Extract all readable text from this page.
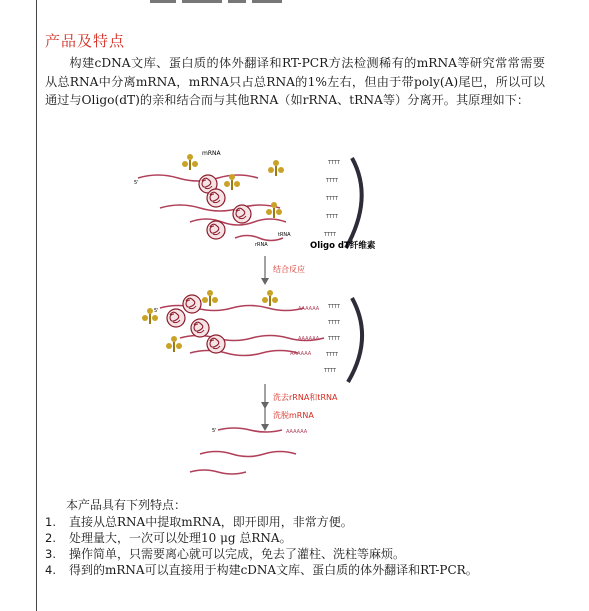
产品及特点

构建cDNA文库、蛋白质的体外翻译和RT-PCR方法检测稀有的mRNA等研究常常需要从总RNA中分离mRNA，mRNA只占总RNA的1%左右，但由于带poly(A)尾巴，所以可以通过与Oligo(dT)的亲和结合而与其他RNA（如rRNA、tRNA等）分离开。其原理如下：

mRNA
tRNA
rRNA
5'
TTTT
TTTT
TTTT
TTTT
TTTT
Oligo dT纤维素
结合反应
5'	AAAAAA
AAAAAA
AAAAAA
TTTT
TTTT
TTTT
TTTT
TTTT
洗去rRNA和tRNA
洗脱mRNA
AAAAAA
5'
本产品具有下列特点：
1.	直接从总RNA中提取mRNA，即开即用，非常方便。
2.	处理量大，一次可以处理10 μg 总RNA。
3.	操作简单，只需要离心就可以完成，免去了灌柱、洗柱等麻烦。
4.	得到的mRNA可以直接用于构建cDNA文库、蛋白质的体外翻译和RT-PCR。
